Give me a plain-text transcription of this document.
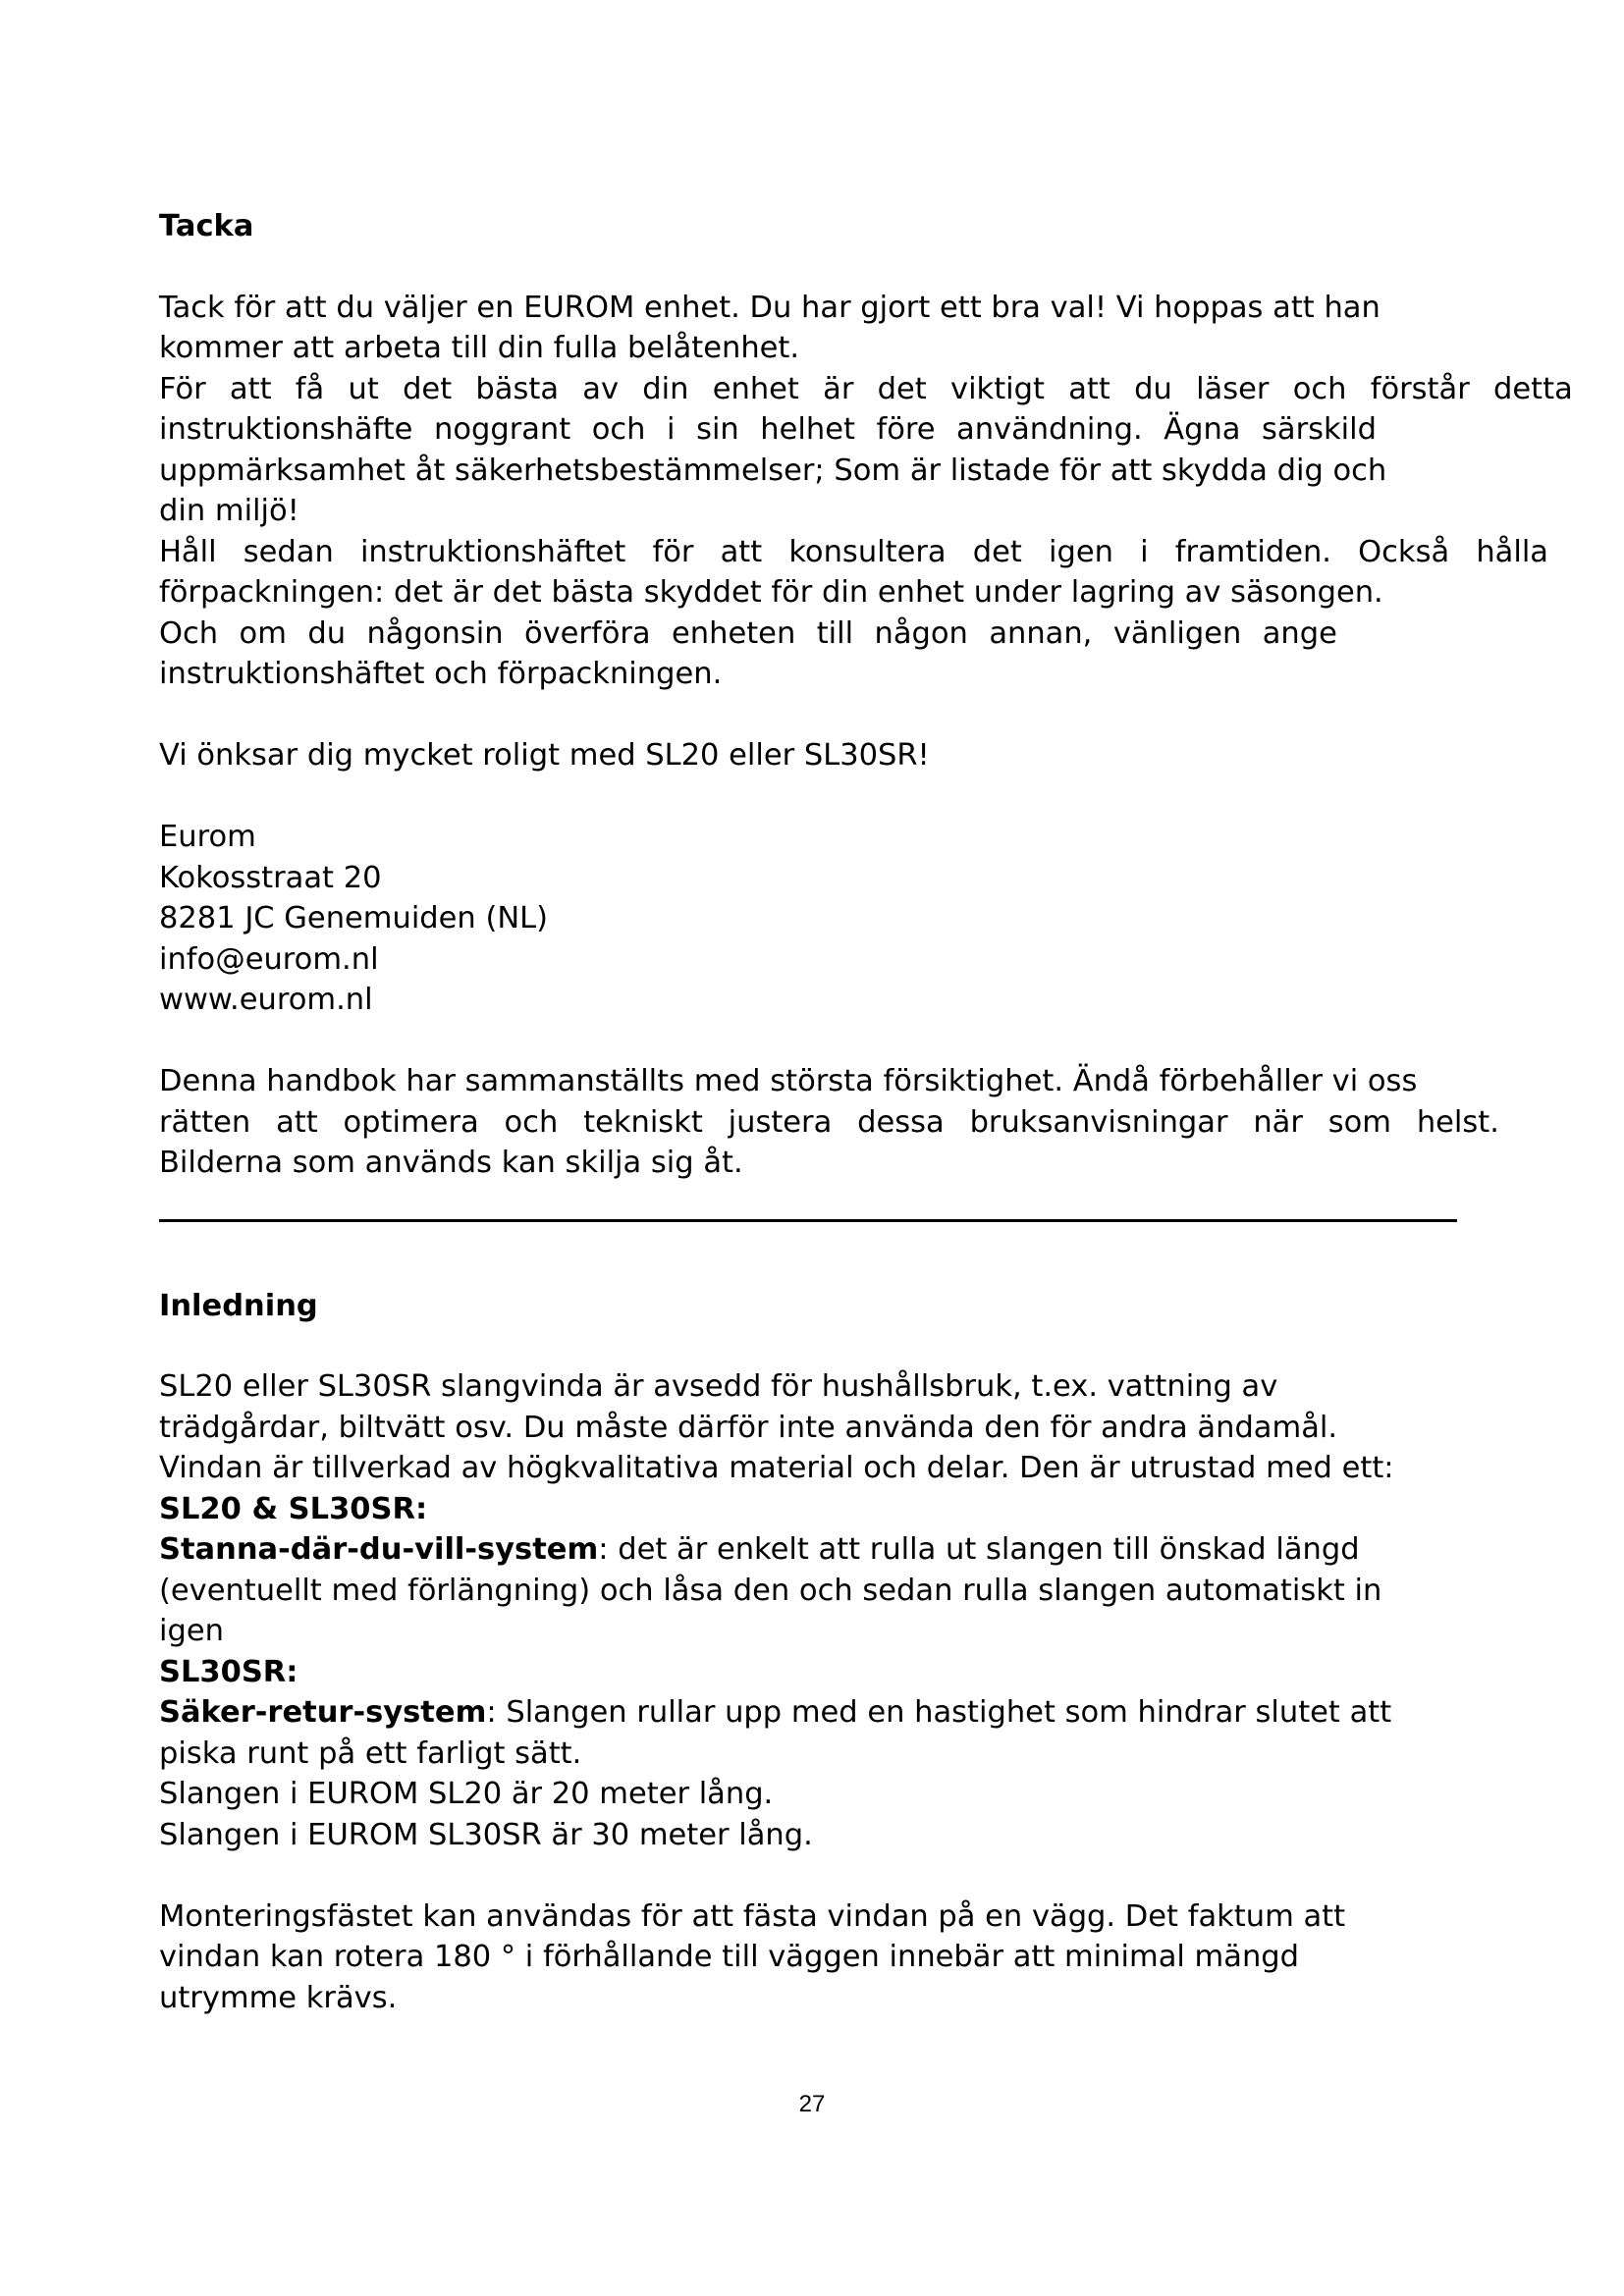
Tacka

Tack för att du väljer en EUROM enhet. Du har gjort ett bra val! Vi hoppas att han

kommer att arbeta till din fulla belåtenhet.

För att få ut det bästa av din enhet är det viktigt att du läser och förstår detta

instruktionshäfte noggrant och i sin helhet före användning. Ägna särskild

uppmärksamhet åt säkerhetsbestämmelser; Som är listade för att skydda dig och

din miljö!

Håll sedan instruktionshäftet för att konsultera det igen i framtiden. Också hålla

förpackningen: det är det bästa skyddet för din enhet under lagring av säsongen.

Och om du någonsin överföra enheten till någon annan, vänligen ange

instruktionshäftet och förpackningen.

Vi önksar dig mycket roligt med SL20 eller SL30SR!

Eurom

Kokosstraat 20

8281 JC Genemuiden (NL)

info@eurom.nl

www.eurom.nl

Denna handbok har sammanställts med största försiktighet. Ändå förbehåller vi oss

rätten att optimera och tekniskt justera dessa bruksanvisningar när som helst.

Bilderna som används kan skilja sig åt.

Inledning

SL20 eller SL30SR slangvinda är avsedd för hushållsbruk, t.ex. vattning av

trädgårdar, biltvätt osv. Du måste därför inte använda den för andra ändamål.

Vindan är tillverkad av högkvalitativa material och delar. Den är utrustad med ett:

SL20 & SL30SR:

Stanna-där-du-vill-system: det är enkelt att rulla ut slangen till önskad längd

(eventuellt med förlängning) och låsa den och sedan rulla slangen automatiskt in

igen

SL30SR:

Säker-retur-system: Slangen rullar upp med en hastighet som hindrar slutet att

piska runt på ett farligt sätt.

Slangen i EUROM SL20 är 20 meter lång.

Slangen i EUROM SL30SR är 30 meter lång.

Monteringsfästet kan användas för att fästa vindan på en vägg. Det faktum att

vindan kan rotera 180 ° i förhållande till väggen innebär att minimal mängd

utrymme krävs.

27
